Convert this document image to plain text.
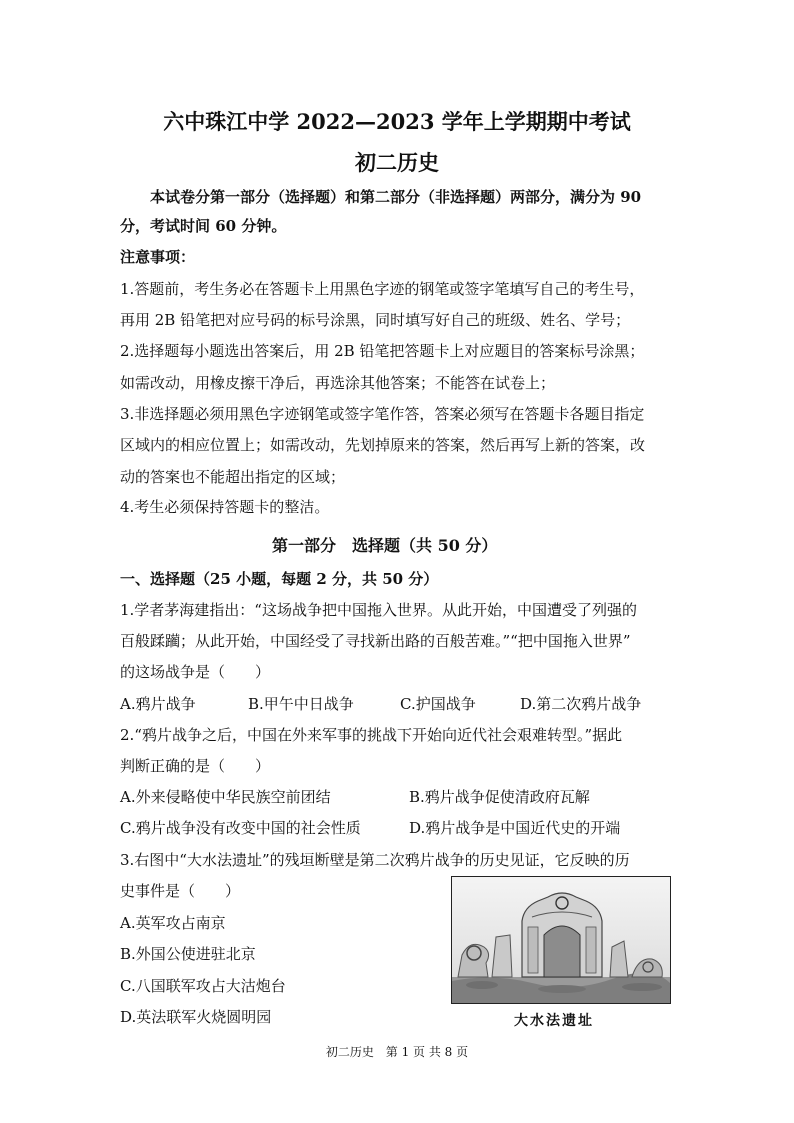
六中珠江中学 2022—2023 学年上学期期中考试
初二历史
本试卷分第一部分（选择题）和第二部分（非选择题）两部分，满分为 90
分，考试时间 60 分钟。
注意事项：
1.答题前，考生务必在答题卡上用黑色字迹的钢笔或签字笔填写自己的考生号，
再用 2B 铅笔把对应号码的标号涂黑，同时填写好自己的班级、姓名、学号；
2.选择题每小题选出答案后，用 2B 铅笔把答题卡上对应题目的答案标号涂黑；
如需改动，用橡皮擦干净后，再选涂其他答案；不能答在试卷上；
3.非选择题必须用黑色字迹钢笔或签字笔作答，答案必须写在答题卡各题目指定
区域内的相应位置上；如需改动，先划掉原来的答案，然后再写上新的答案，改
动的答案也不能超出指定的区域；
4.考生必须保持答题卡的整洁。
第一部分　选择题（共 50 分）
一、选择题（25 小题，每题 2 分，共 50 分）
1.学者茅海建指出：“这场战争把中国拖入世界。从此开始，中国遭受了列强的
百般蹂躏；从此开始，中国经受了寻找新出路的百般苦难。”“把中国拖入世界”
的这场战争是（　　）
A.鸦片战争	B.甲午中日战争	C.护国战争	D.第二次鸦片战争
2.“鸦片战争之后，中国在外来军事的挑战下开始向近代社会艰难转型。”据此
判断正确的是（　　）
A.外来侵略使中华民族空前团结	B.鸦片战争促使清政府瓦解
C.鸦片战争没有改变中国的社会性质	D.鸦片战争是中国近代史的开端
3.右图中“大水法遗址”的残垣断壁是第二次鸦片战争的历史见证，它反映的历
史事件是（　　）
A.英军攻占南京
B.外国公使进驻北京
C.八国联军攻占大沽炮台
D.英法联军火烧圆明园	大水法遗址
初二历史 第 1 页 共 8 页
